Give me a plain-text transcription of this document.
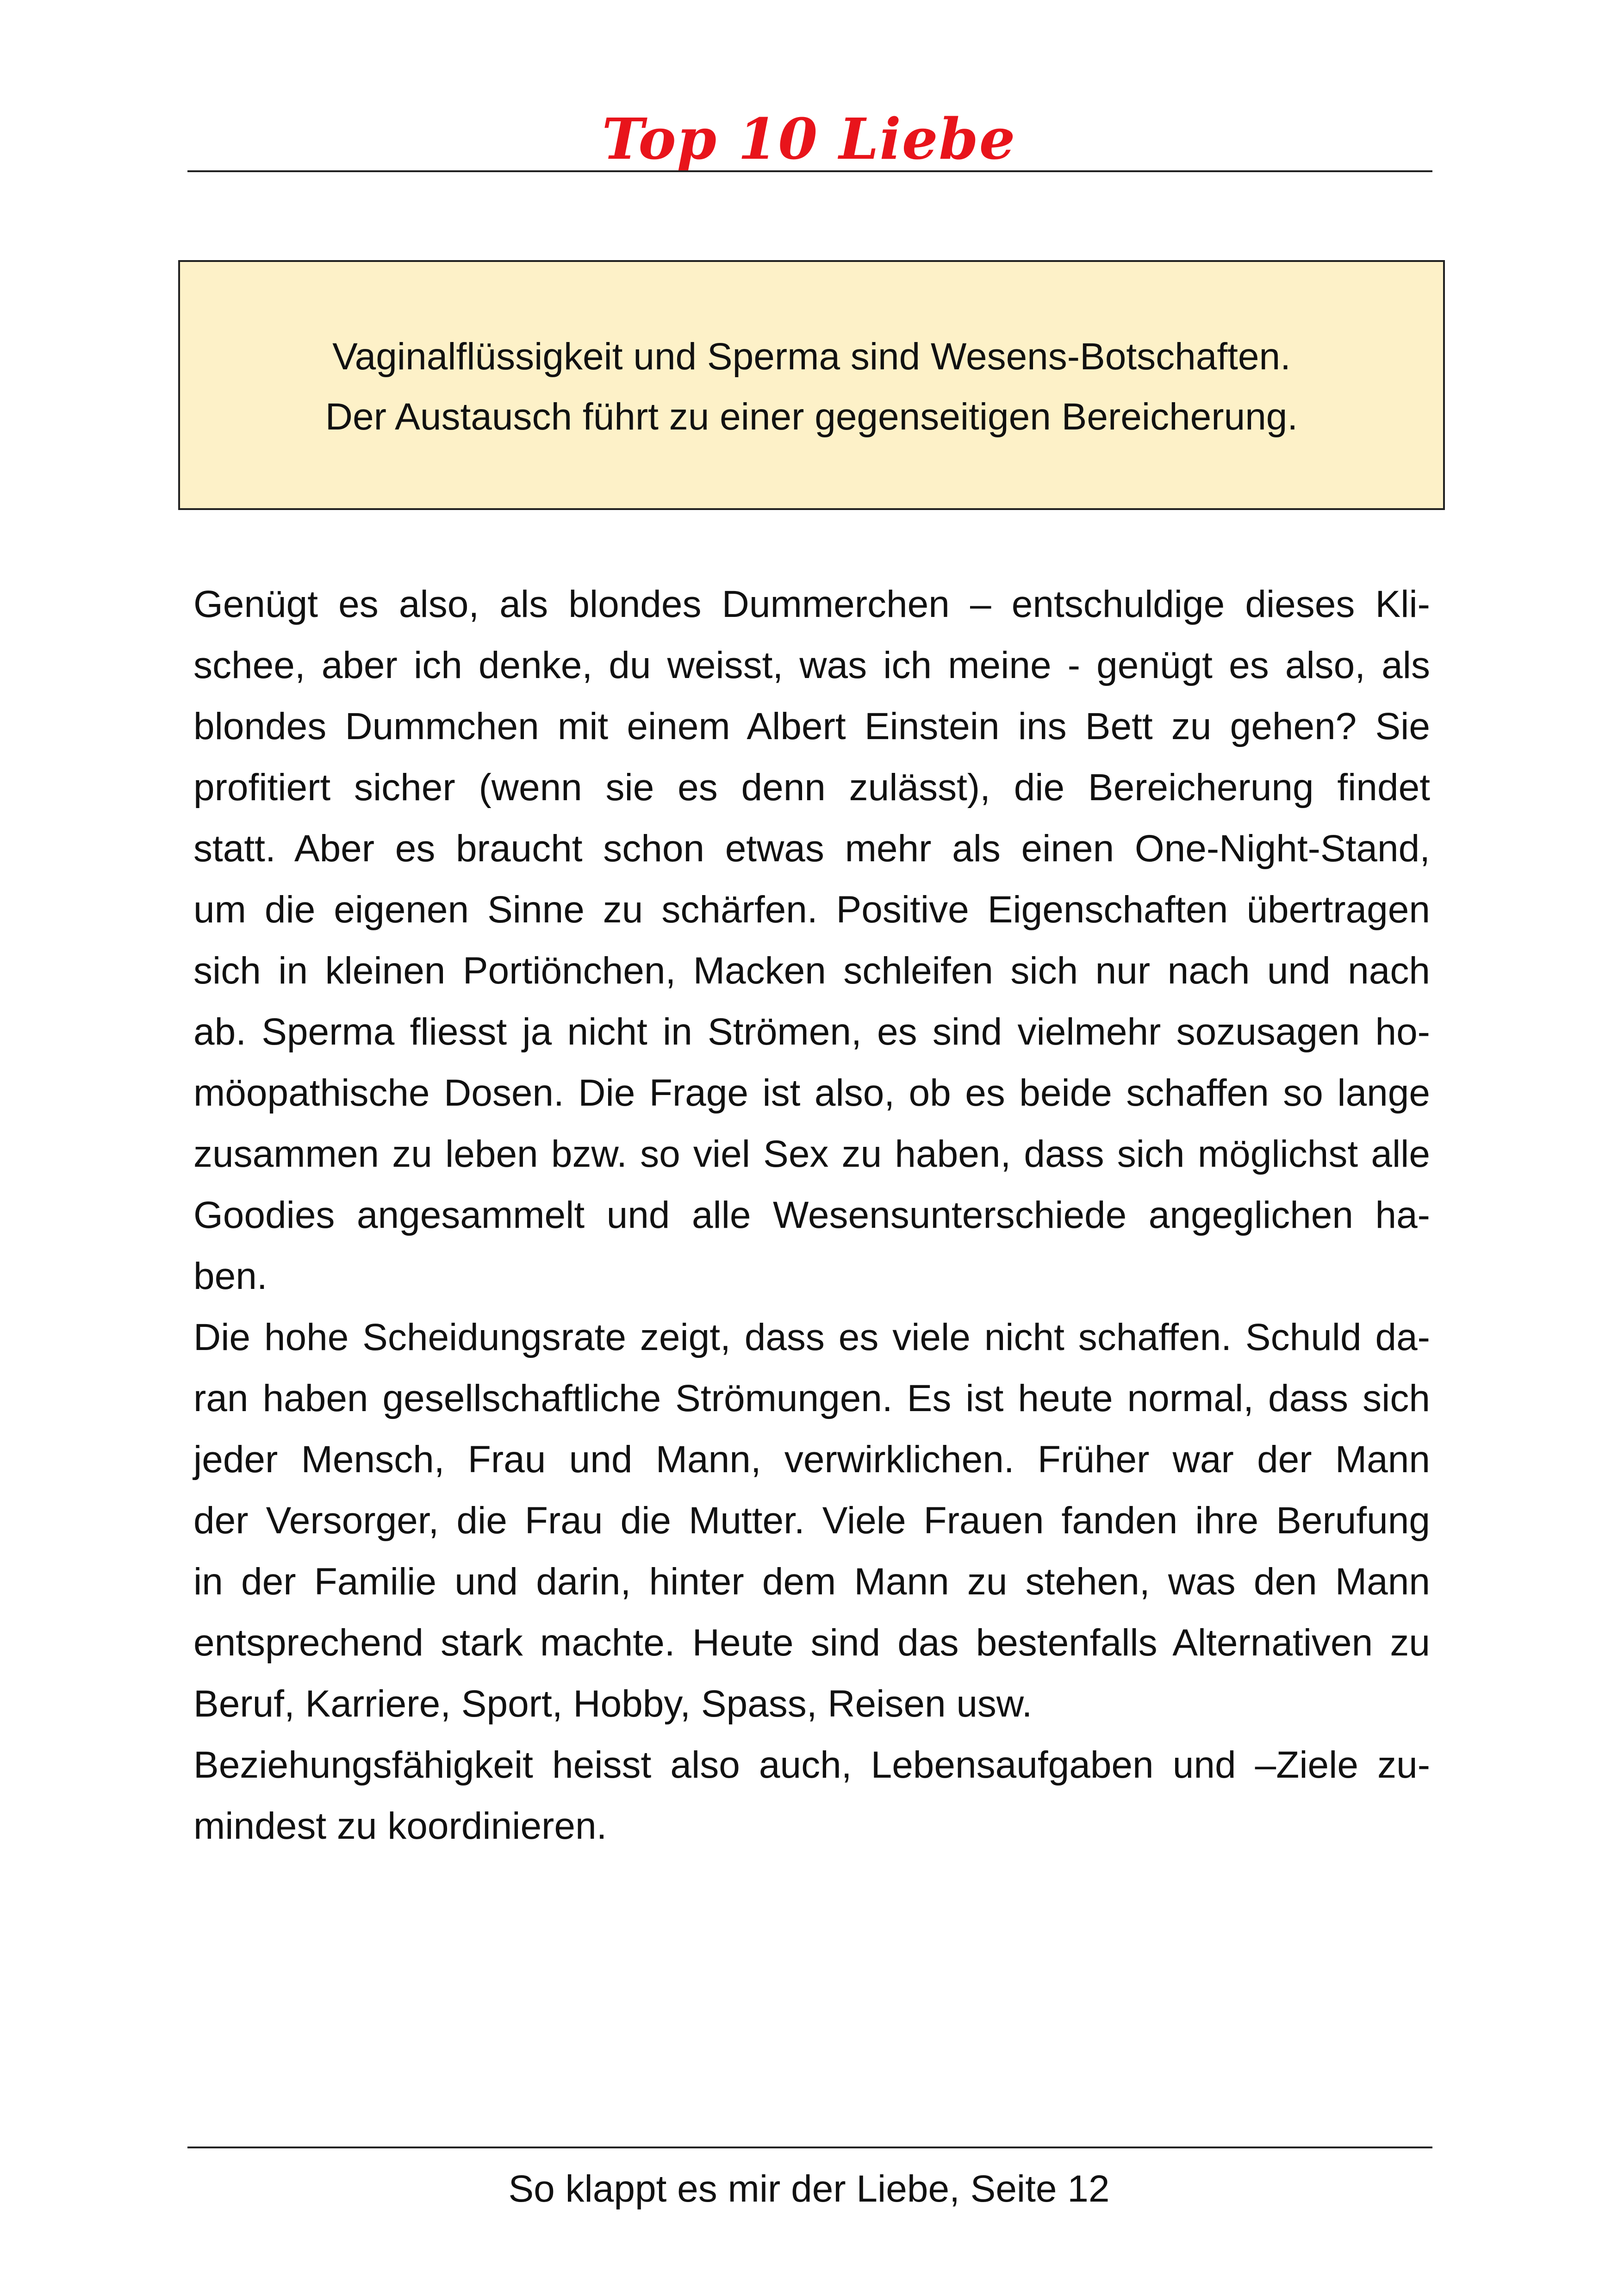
Top 10 Liebe
Vaginalflüssigkeit und Sperma sind Wesens-Botschaften.
Der Austausch führt zu einer gegenseitigen Bereicherung.
Genügt es also, als blondes Dummerchen – entschuldige dieses Kli-
schee, aber ich denke, du weisst, was ich meine - genügt es also, als
blondes Dummchen mit einem Albert Einstein ins Bett zu gehen? Sie
profitiert sicher (wenn sie es denn zulässt), die Bereicherung findet
statt. Aber es braucht schon etwas mehr als einen One-Night-Stand,
um die eigenen Sinne zu schärfen. Positive Eigenschaften übertragen
sich in kleinen Portiönchen, Macken schleifen sich nur nach und nach
ab. Sperma fliesst ja nicht in Strömen, es sind vielmehr sozusagen ho-
möopathische Dosen. Die Frage ist also, ob es beide schaffen so lange
zusammen zu leben bzw. so viel Sex zu haben, dass sich möglichst alle
Goodies angesammelt und alle Wesensunterschiede angeglichen ha-
ben.
Die hohe Scheidungsrate zeigt, dass es viele nicht schaffen. Schuld da-
ran haben gesellschaftliche Strömungen. Es ist heute normal, dass sich
jeder Mensch, Frau und Mann, verwirklichen. Früher war der Mann
der Versorger, die Frau die Mutter. Viele Frauen fanden ihre Berufung
in der Familie und darin, hinter dem Mann zu stehen, was den Mann
entsprechend stark machte. Heute sind das bestenfalls Alternativen zu
Beruf, Karriere, Sport, Hobby, Spass, Reisen usw.
Beziehungsfähigkeit heisst also auch, Lebensaufgaben und –Ziele zu-
mindest zu koordinieren.
So klappt es mir der Liebe, Seite 12
